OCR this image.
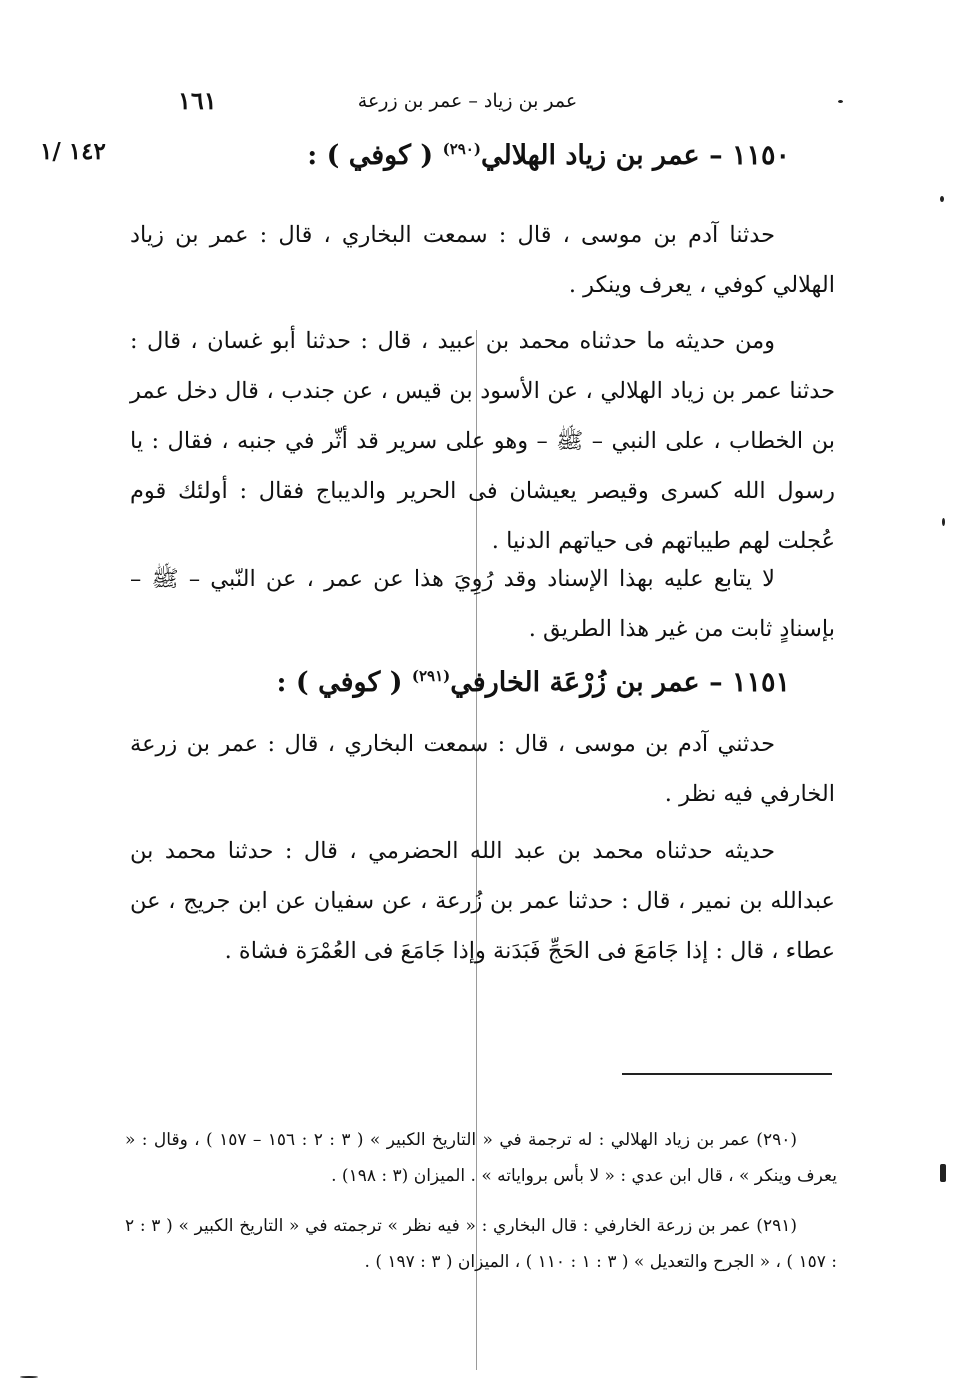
عمر بن زياد – عمر بن زرعة
١٦١
١٤٢ /١	١١٥٠ – عمر بن زياد الهلالي$^{(٢٩٠)}$ ( كوفي ) :
حدثنا آدم بن موسى ، قال : سمعت البخاري ، قال : عمر بن زياد الهلالي كوفي ، يعرف وينكر .
ومن حديثه ما حدثناه محمد بن عبيد ، قال : حدثنا أبو غسان ، قال : حدثنا عمر بن زياد الهلالي ، عن الأسود بن قيس ، عن جندب ، قال دخل عمر بن الخطاب ، على النبي – ﷺ – وهو على سرير قد أثّر في جنبه ، فقال : يا رسول الله كسرى وقيصر يعيشان فى الحرير والديباج فقال : أولئك قوم عُجلت لهم طيباتهم فى حياتهم الدنيا .
لا يتابع عليه بهذا الإسناد وقد رُوِيَ هذا عن عمر ، عن النّبي – ﷺ – بإسنادٍ ثابت من غير هذا الطريق .
١١٥١ – عمر بن زُرْعَة الخارفي$^{(٢٩١)}$ ( كوفي ) :
حدثني آدم بن موسى ، قال : سمعت البخاري ، قال : عمر بن زرعة الخارفي فيه نظر .
حديثه حدثناه محمد بن عبد الله الحضرمي ، قال : حدثنا محمد بن عبدالله بن نمير ، قال : حدثنا عمر بن زُرعة ، عن سفيان عن ابن جريج ، عن عطاء ، قال : إذا جَامَعَ فى الحَجِّ فَبَدَنة وإذا جَامَعَ فى العُمْرَة فشاة .
(٢٩٠) عمر بن زياد الهلالي : له ترجمة في « التاريخ الكبير » ( ٣ : ٢ : ١٥٦ – ١٥٧ ) ، وقال : « يعرف وينكر » ، قال ابن عدي : « لا بأس برواياته » . الميزان (٣ : ١٩٨) .
(٢٩١) عمر بن زرعة الخارفي : قال البخاري : « فيه نظر » ترجمته في « التاريخ الكبير » ( ٣ : ٢ : ١٥٧ ) ، « الجرح والتعديل » ( ٣ : ١ : ١١٠ ) ، الميزان ( ٣ : ١٩٧ ) .
